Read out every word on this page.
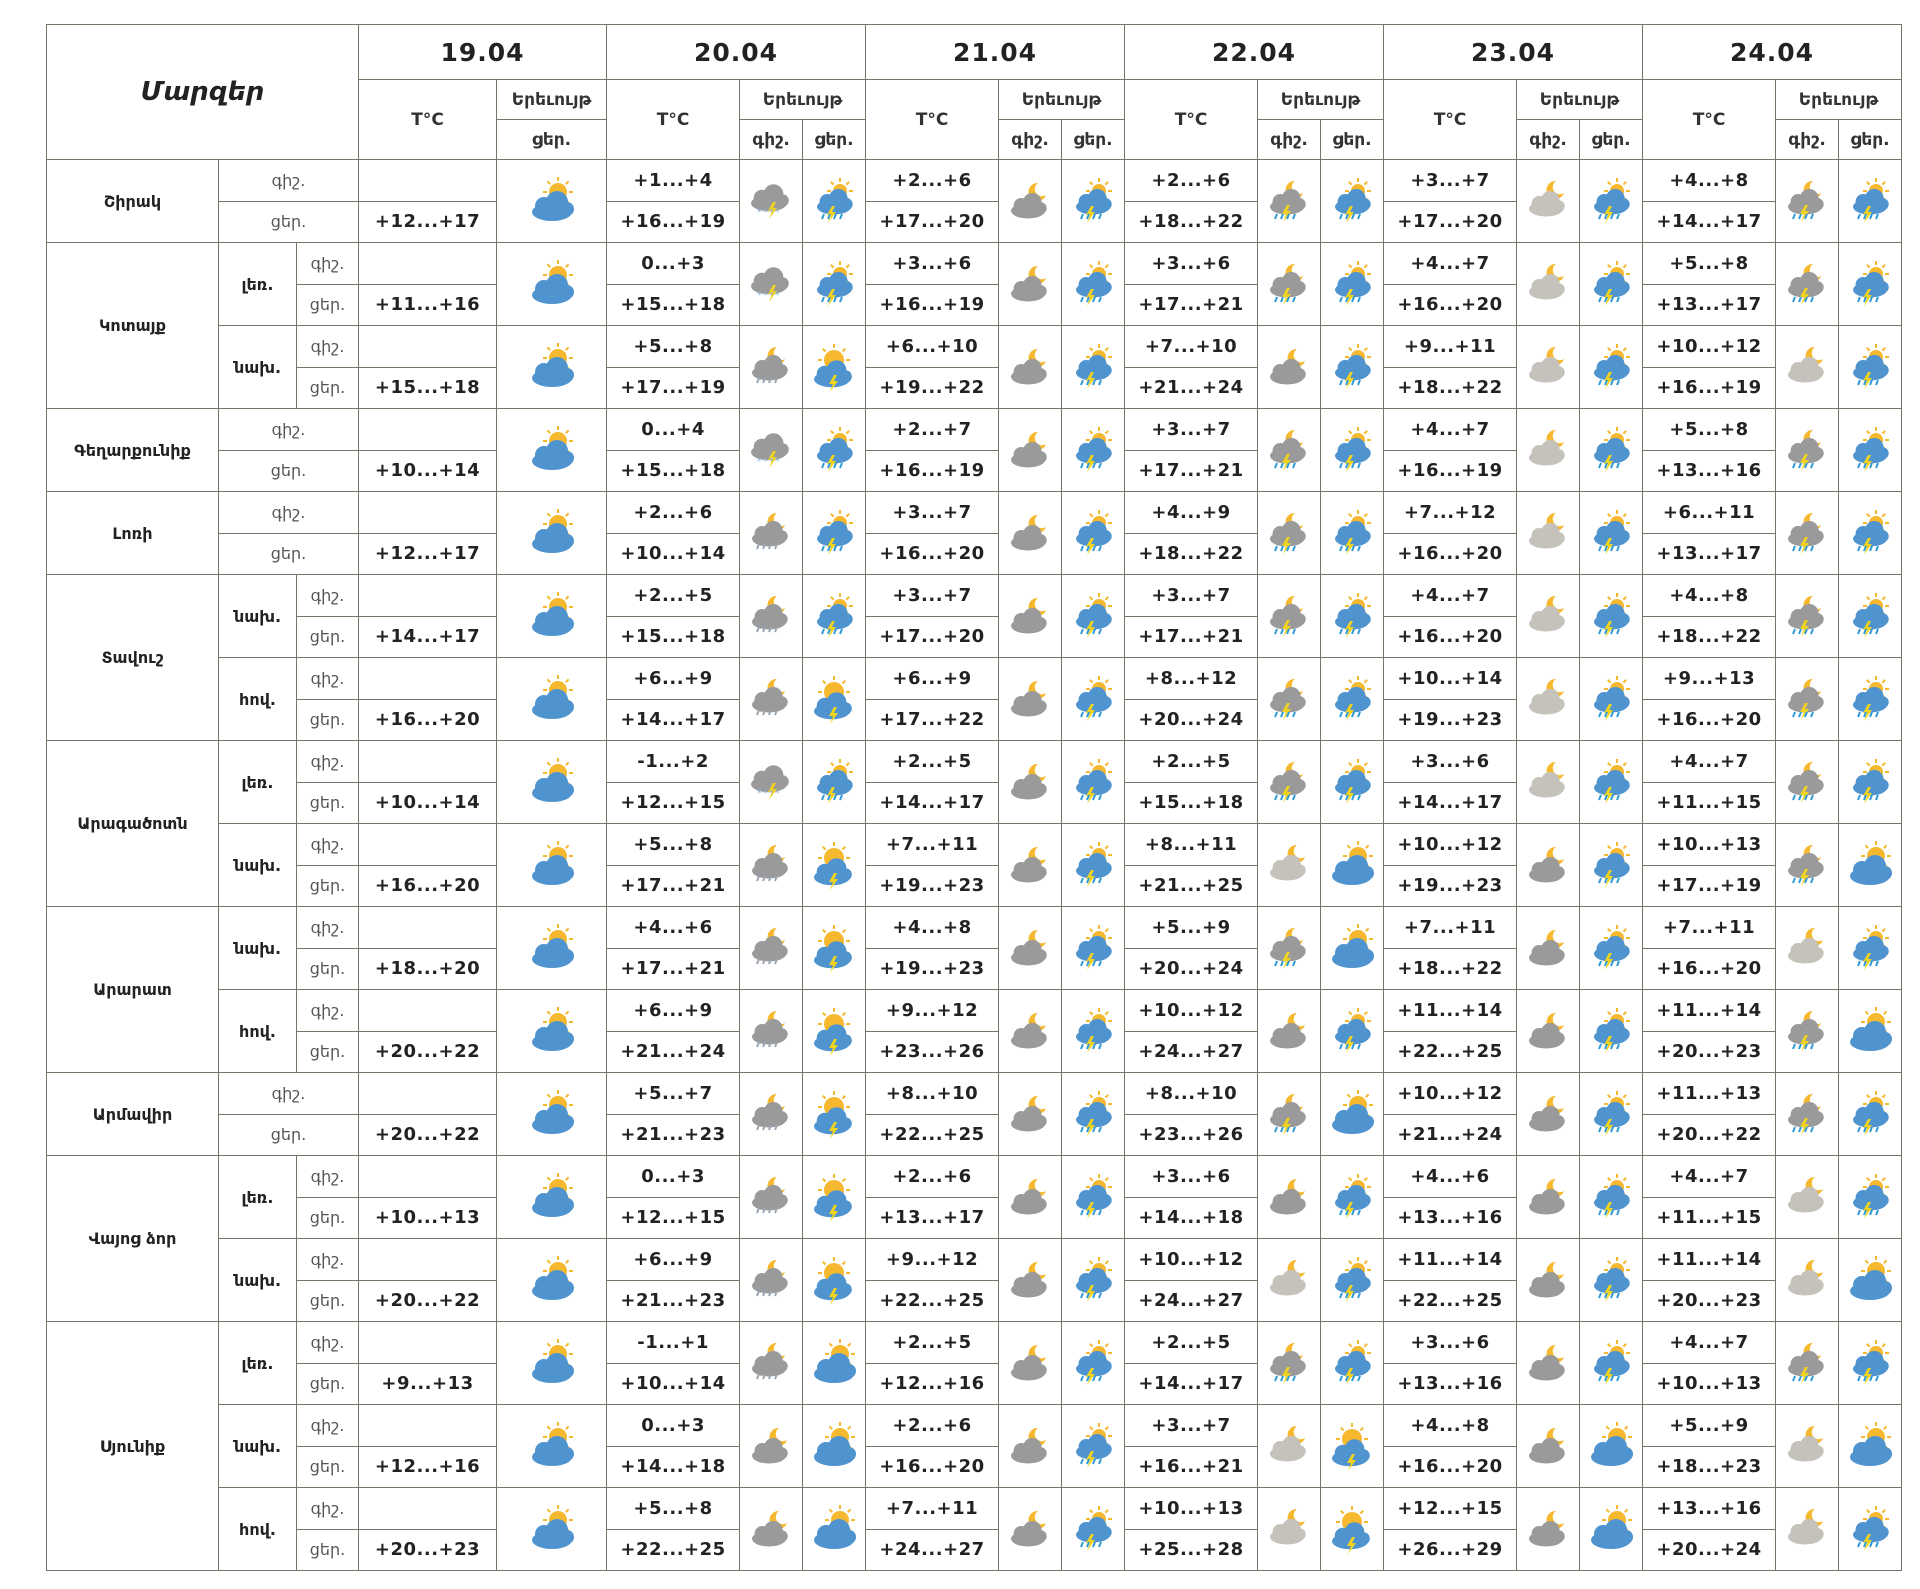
Մարզեր			19.04		20.04			21.04			22.04			23.04			24.04		
			T°C	Երեւույթ	T°C	Երեւույթ		T°C	Երեւույթ		T°C	Երեւույթ		T°C	Երեւույթ		T°C	Երեւույթ	
				ցեր.		գիշ.	ցեր.		գիշ.	ցեր.		գիշ.	ցեր.		գիշ.	ցեր.		գիշ.	ցեր.
Շիրակ	գիշ.				+1...+4	* * * *		+2...+6			+2...+6			+3...+7			+4...+8	

	ցեր.		+12...+17		+16...+19			+17...+20			+18...+22			+17...+20			+14...+17		
Կոտայք	լեռ.	գիշ.			0...+3	* * * *		+3...+6			+3...+6			+4...+7			+5...+8	

		ցեր.	+11...+16		+15...+18			+16...+19			+17...+21			+16...+20			+13...+17		
	նախ.	գիշ.			+5...+8			+6...+10			+7...+10			+9...+11			+10...+12	

		ցեր.	+15...+18		+17...+19			+19...+22			+21...+24			+18...+22			+16...+19		
Գեղարքունիք	գիշ.				0...+4	* * * *		+2...+7			+3...+7			+4...+7			+5...+8	

	ցեր.		+10...+14		+15...+18			+16...+19			+17...+21			+16...+19			+13...+16		
Լոռի	գիշ.				+2...+6			+3...+7			+4...+9			+7...+12			+6...+11	

	ցեր.		+12...+17		+10...+14			+16...+20			+18...+22			+16...+20			+13...+17		
Տավուշ	նախ.	գիշ.			+2...+5			+3...+7			+3...+7			+4...+7			+4...+8	

		ցեր.	+14...+17		+15...+18			+17...+20			+17...+21			+16...+20			+18...+22		
	հով.	գիշ.			+6...+9			+6...+9			+8...+12			+10...+14			+9...+13	

		ցեր.	+16...+20		+14...+17			+17...+22			+20...+24			+19...+23			+16...+20		
Արագածոտն	լեռ.	գիշ.			-1...+2	* * * *		+2...+5			+2...+5			+3...+6			+4...+7	

		ցեր.	+10...+14		+12...+15			+14...+17			+15...+18			+14...+17			+11...+15		
	նախ.	գիշ.			+5...+8			+7...+11			+8...+11			+10...+12			+10...+13	

		ցեր.	+16...+20		+17...+21			+19...+23			+21...+25			+19...+23			+17...+19		
Արարատ	նախ.	գիշ.			+4...+6			+4...+8			+5...+9			+7...+11			+7...+11	

		ցեր.	+18...+20		+17...+21			+19...+23			+20...+24			+18...+22			+16...+20		
	հով.	գիշ.			+6...+9			+9...+12			+10...+12			+11...+14			+11...+14	

		ցեր.	+20...+22		+21...+24			+23...+26			+24...+27			+22...+25			+20...+23		
Արմավիր	գիշ.				+5...+7			+8...+10			+8...+10			+10...+12			+11...+13	

	ցեր.		+20...+22		+21...+23			+22...+25			+23...+26			+21...+24			+20...+22		
Վայոց ձոր	լեռ.	գիշ.			0...+3			+2...+6			+3...+6			+4...+6			+4...+7	

		ցեր.	+10...+13		+12...+15			+13...+17			+14...+18			+13...+16			+11...+15		
	նախ.	գիշ.			+6...+9			+9...+12			+10...+12			+11...+14			+11...+14	

		ցեր.	+20...+22		+21...+23			+22...+25			+24...+27			+22...+25			+20...+23		
Սյունիք	լեռ.	գիշ.			-1...+1			+2...+5			+2...+5			+3...+6			+4...+7	

		ցեր.	+9...+13		+10...+14			+12...+16			+14...+17			+13...+16			+10...+13		
	նախ.	գիշ.			0...+3			+2...+6			+3...+7			+4...+8			+5...+9	

		ցեր.	+12...+16		+14...+18			+16...+20			+16...+21			+16...+20			+18...+23		
	հով.	գիշ.			+5...+8			+7...+11			+10...+13			+12...+15			+13...+16	

		ցեր.	+20...+23		+22...+25			+24...+27			+25...+28			+26...+29			+20...+24		
